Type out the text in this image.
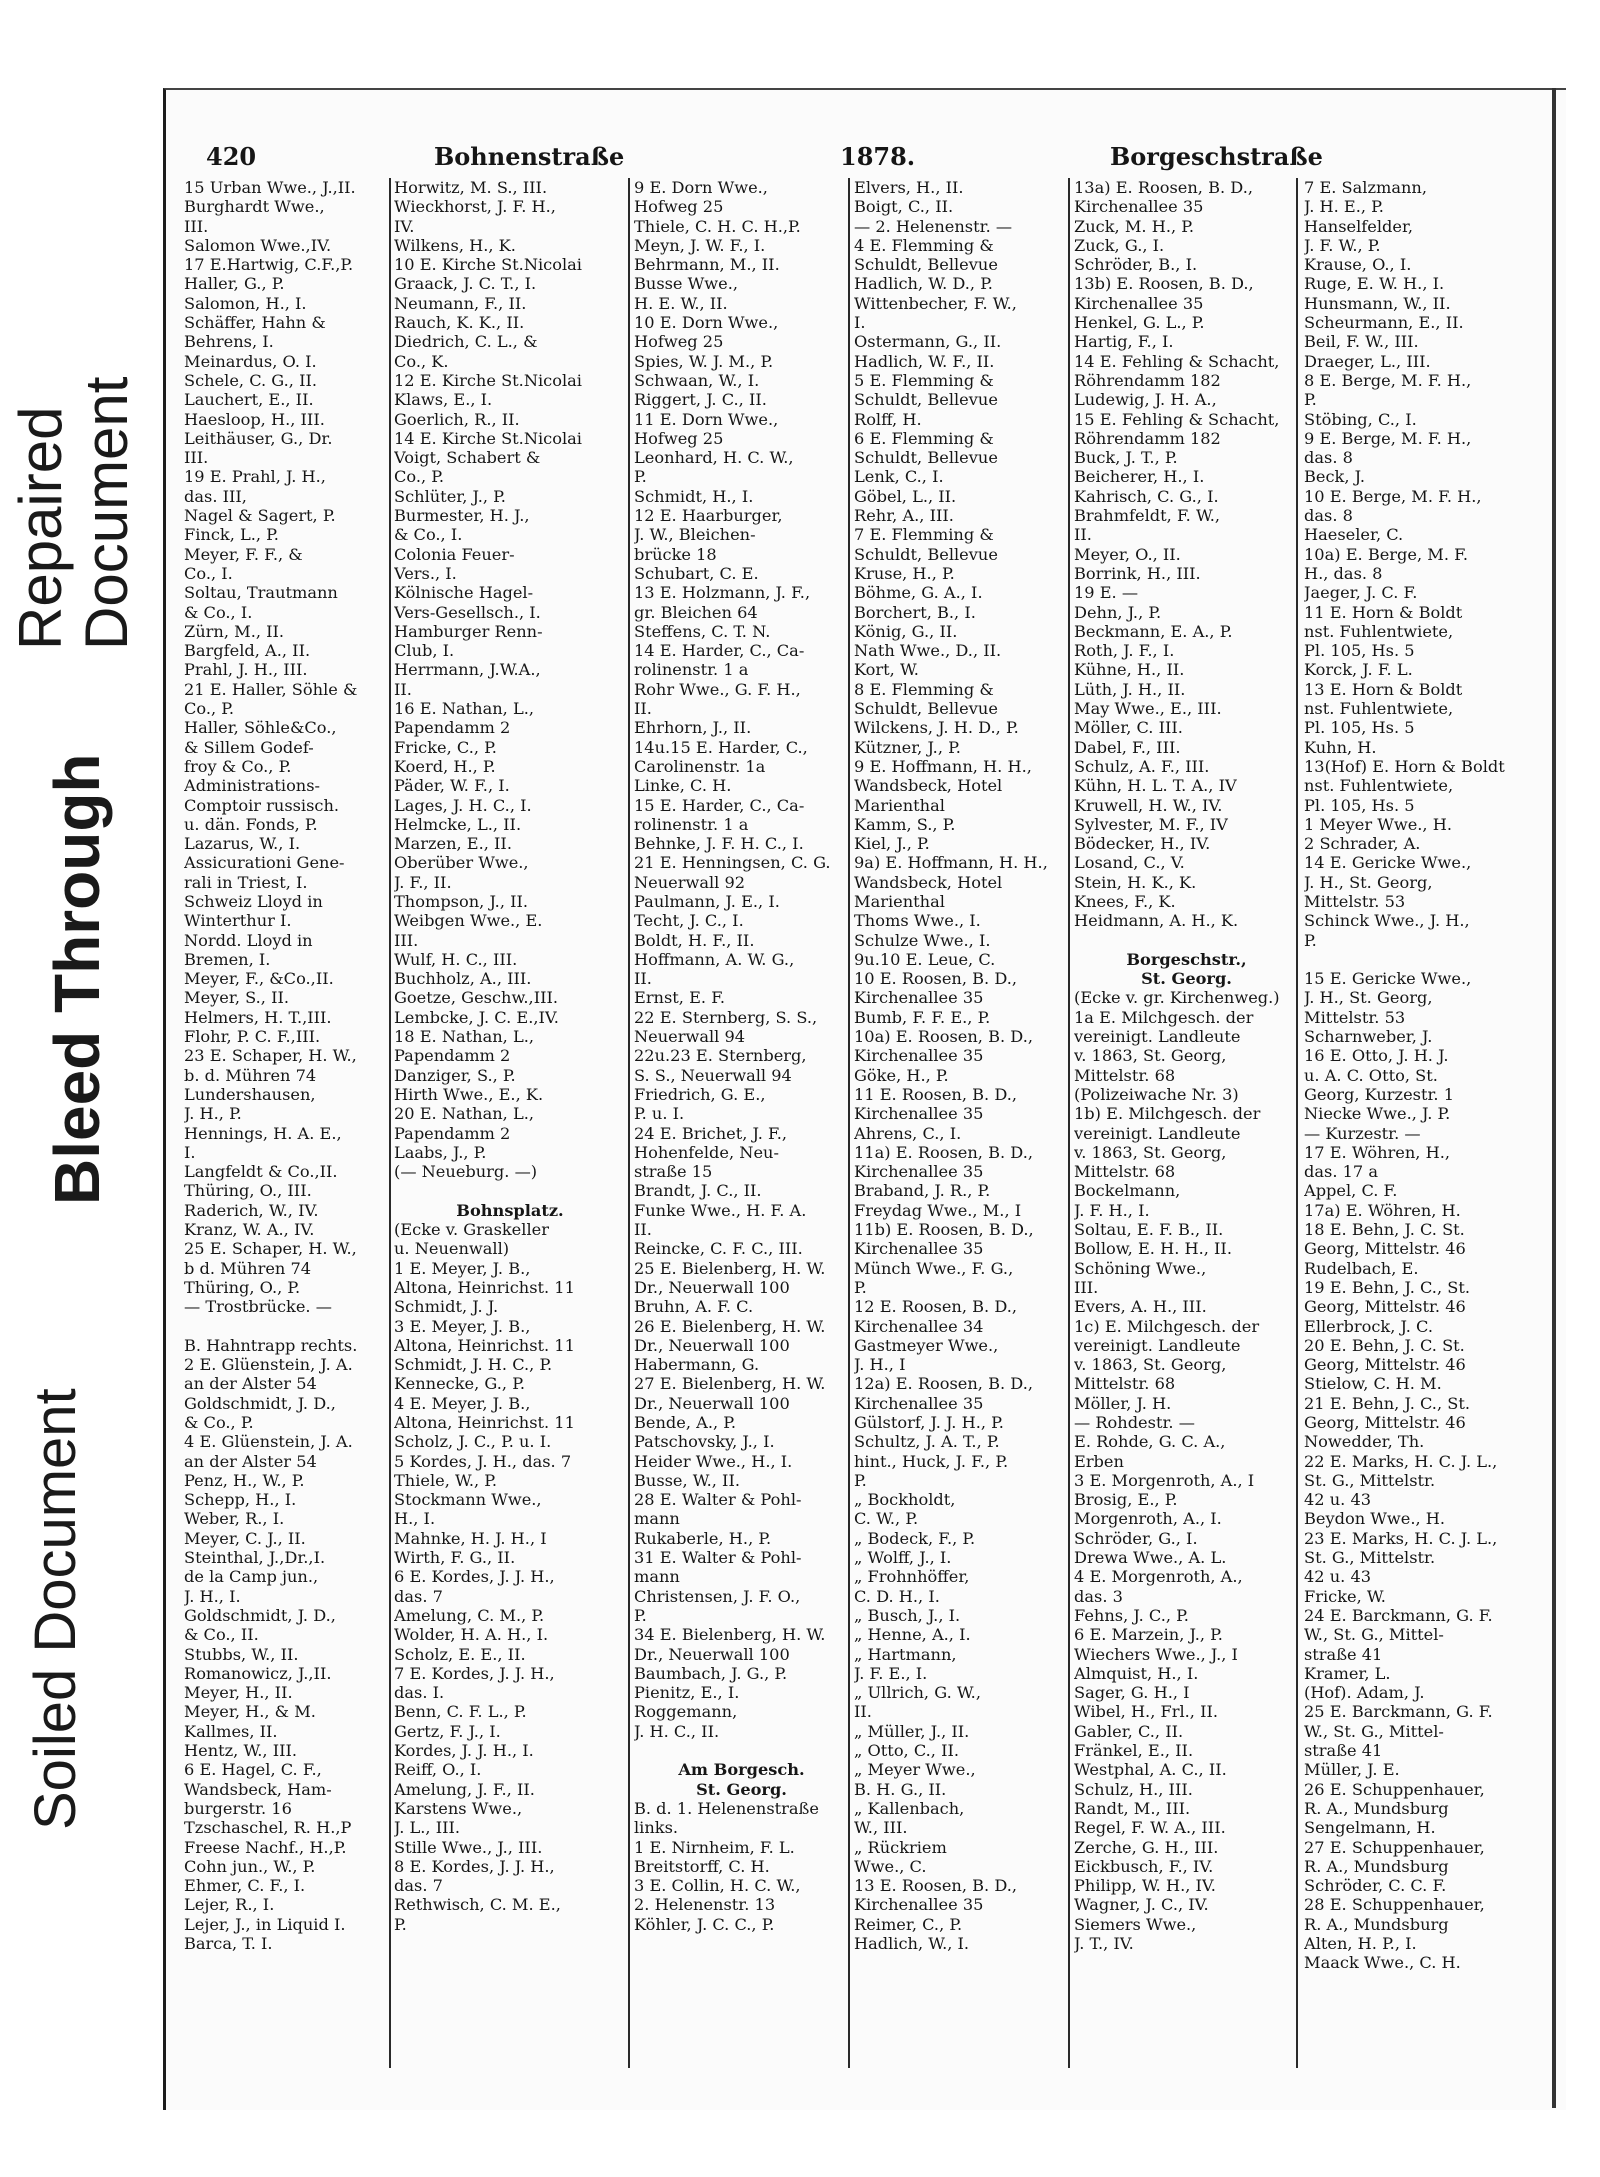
Repaired Document
Bleed Through
Soiled Document
420	Bohnenstraße	1878.	Borgeschstraße
15 Urban Wwe., J.,II.
Burghardt Wwe.,
III.
Salomon Wwe.,IV.
17 E.Hartwig, C.F.,P.
Haller, G., P.
Salomon, H., I.
Schäffer, Hahn &
Behrens, I.
Meinardus, O. I.
Schele, C. G., II.
Lauchert, E., II.
Haesloop, H., III.
Leithäuser, G., Dr.
III.
19 E. Prahl, J. H.,
das. III,
Nagel & Sagert, P.
Finck, L., P.
Meyer, F. F., &
Co., I.
Soltau, Trautmann
& Co., I.
Zürn, M., II.
Bargfeld, A., II.
Prahl, J. H., III.
21 E. Haller, Söhle &
Co., P.
Haller, Söhle&Co.,
& Sillem Godef-
froy & Co., P.
Administrations-
Comptoir russisch.
u. dän. Fonds, P.
Lazarus, W., I.
Assicurationi Gene-
rali in Triest, I.
Schweiz Lloyd in
Winterthur I.
Nordd. Lloyd in
Bremen, I.
Meyer, F., &Co.,II.
Meyer, S., II.
Helmers, H. T.,III.
Flohr, P. C. F.,III.
23 E. Schaper, H. W.,
b. d. Mühren 74
Lundershausen,
J. H., P.
Hennings, H. A. E.,
I.
Langfeldt & Co.,II.
Thüring, O., III.
Raderich, W., IV.
Kranz, W. A., IV.
25 E. Schaper, H. W.,
b d. Mühren 74
Thüring, O., P.
— Trostbrücke. —
B. Hahntrapp rechts.
2 E. Glüenstein, J. A.
an der Alster 54
Goldschmidt, J. D.,
& Co., P.
4 E. Glüenstein, J. A.
an der Alster 54
Penz, H., W., P.
Schepp, H., I.
Weber, R., I.
Meyer, C. J., II.
Steinthal, J.,Dr.,I.
de la Camp jun.,
J. H., I.
Goldschmidt, J. D.,
& Co., II.
Stubbs, W., II.
Romanowicz, J.,II.
Meyer, H., II.
Meyer, H., & M.
Kallmes, II.
Hentz, W., III.
6 E. Hagel, C. F.,
Wandsbeck, Ham-
burgerstr. 16
Tzschaschel, R. H.,P
Freese Nachf., H.,P.
Cohn jun., W., P.
Ehmer, C. F., I.
Lejer, R., I.
Lejer, J., in Liquid I.
Barca, T. I.
Horwitz, M. S., III.
Wieckhorst, J. F. H.,
IV.
Wilkens, H., K.
10 E. Kirche St.Nicolai
Graack, J. C. T., I.
Neumann, F., II.
Rauch, K. K., II.
Diedrich, C. L., &
Co., K.
12 E. Kirche St.Nicolai
Klaws, E., I.
Goerlich, R., II.
14 E. Kirche St.Nicolai
Voigt, Schabert &
Co., P.
Schlüter, J., P.
Burmester, H. J.,
& Co., I.
Colonia Feuer-
Vers., I.
Kölnische Hagel-
Vers-Gesellsch., I.
Hamburger Renn-
Club, I.
Herrmann, J.W.A.,
II.
16 E. Nathan, L.,
Papendamm 2
Fricke, C., P.
Koerd, H., P.
Päder, W. F., I.
Lages, J. H. C., I.
Helmcke, L., II.
Marzen, E., II.
Oberüber Wwe.,
J. F., II.
Thompson, J., II.
Weibgen Wwe., E.
III.
Wulf, H. C., III.
Buchholz, A., III.
Goetze, Geschw.,III.
Lembcke, J. C. E.,IV.
18 E. Nathan, L.,
Papendamm 2
Danziger, S., P.
Hirth Wwe., E., K.
20 E. Nathan, L.,
Papendamm 2
Laabs, J., P.
(— Neueburg. —)
Bohnsplatz.
(Ecke v. Graskeller
u. Neuenwall)
1 E. Meyer, J. B.,
Altona, Heinrichst. 11
Schmidt, J. J.
3 E. Meyer, J. B.,
Altona, Heinrichst. 11
Schmidt, J. H. C., P.
Kennecke, G., P.
4 E. Meyer, J. B.,
Altona, Heinrichst. 11
Scholz, J. C., P. u. I.
5 Kordes, J. H., das. 7
Thiele, W., P.
Stockmann Wwe.,
H., I.
Mahnke, H. J. H., I
Wirth, F. G., II.
6 E. Kordes, J. J. H.,
das. 7
Amelung, C. M., P.
Wolder, H. A. H., I.
Scholz, E. E., II.
7 E. Kordes, J. J. H.,
das. I.
Benn, C. F. L., P.
Gertz, F. J., I.
Kordes, J. J. H., I.
Reiff, O., I.
Amelung, J. F., II.
Karstens Wwe.,
J. L., III.
Stille Wwe., J., III.
8 E. Kordes, J. J. H.,
das. 7
Rethwisch, C. M. E.,
P.
9 E. Dorn Wwe.,
Hofweg 25
Thiele, C. H. C. H.,P.
Meyn, J. W. F., I.
Behrmann, M., II.
Busse Wwe.,
H. E. W., II.
10 E. Dorn Wwe.,
Hofweg 25
Spies, W. J. M., P.
Schwaan, W., I.
Riggert, J. C., II.
11 E. Dorn Wwe.,
Hofweg 25
Leonhard, H. C. W.,
P.
Schmidt, H., I.
12 E. Haarburger,
J. W., Bleichen-
brücke 18
Schubart, C. E.
13 E. Holzmann, J. F.,
gr. Bleichen 64
Steffens, C. T. N.
14 E. Harder, C., Ca-
rolinenstr. 1 a
Rohr Wwe., G. F. H.,
II.
Ehrhorn, J., II.
14u.15 E. Harder, C.,
Carolinenstr. 1a
Linke, C. H.
15 E. Harder, C., Ca-
rolinenstr. 1 a
Behnke, J. F. H. C., I.
21 E. Henningsen, C. G.
Neuerwall 92
Paulmann, J. E., I.
Techt, J. C., I.
Boldt, H. F., II.
Hoffmann, A. W. G.,
II.
Ernst, E. F.
22 E. Sternberg, S. S.,
Neuerwall 94
22u.23 E. Sternberg,
S. S., Neuerwall 94
Friedrich, G. E.,
P. u. I.
24 E. Brichet, J. F.,
Hohenfelde, Neu-
straße 15
Brandt, J. C., II.
Funke Wwe., H. F. A.
II.
Reincke, C. F. C., III.
25 E. Bielenberg, H. W.
Dr., Neuerwall 100
Bruhn, A. F. C.
26 E. Bielenberg, H. W.
Dr., Neuerwall 100
Habermann, G.
27 E. Bielenberg, H. W.
Dr., Neuerwall 100
Bende, A., P.
Patschovsky, J., I.
Heider Wwe., H., I.
Busse, W., II.
28 E. Walter & Pohl-
mann
Rukaberle, H., P.
31 E. Walter & Pohl-
mann
Christensen, J. F. O.,
P.
34 E. Bielenberg, H. W.
Dr., Neuerwall 100
Baumbach, J. G., P.
Pienitz, E., I.
Roggemann,
J. H. C., II.
Am Borgesch.
St. Georg.
B. d. 1. Helenenstraße
links.
1 E. Nirnheim, F. L.
Breitstorff, C. H.
3 E. Collin, H. C. W.,
2. Helenenstr. 13
Köhler, J. C. C., P.
Elvers, H., II.
Boigt, C., II.
— 2. Helenenstr. —
4 E. Flemming &
Schuldt, Bellevue
Hadlich, W. D., P.
Wittenbecher, F. W.,
I.
Ostermann, G., II.
Hadlich, W. F., II.
5 E. Flemming &
Schuldt, Bellevue
Rolff, H.
6 E. Flemming &
Schuldt, Bellevue
Lenk, C., I.
Göbel, L., II.
Rehr, A., III.
7 E. Flemming &
Schuldt, Bellevue
Kruse, H., P.
Böhme, G. A., I.
Borchert, B., I.
König, G., II.
Nath Wwe., D., II.
Kort, W.
8 E. Flemming &
Schuldt, Bellevue
Wilckens, J. H. D., P.
Kützner, J., P.
9 E. Hoffmann, H. H.,
Wandsbeck, Hotel
Marienthal
Kamm, S., P.
Kiel, J., P.
9a) E. Hoffmann, H. H.,
Wandsbeck, Hotel
Marienthal
Thoms Wwe., I.
Schulze Wwe., I.
9u.10 E. Leue, C.
10 E. Roosen, B. D.,
Kirchenallee 35
Bumb, F. F. E., P.
10a) E. Roosen, B. D.,
Kirchenallee 35
Göke, H., P.
11 E. Roosen, B. D.,
Kirchenallee 35
Ahrens, C., I.
11a) E. Roosen, B. D.,
Kirchenallee 35
Braband, J. R., P.
Freydag Wwe., M., I
11b) E. Roosen, B. D.,
Kirchenallee 35
Münch Wwe., F. G.,
P.
12 E. Roosen, B. D.,
Kirchenallee 34
Gastmeyer Wwe.,
J. H., I
12a) E. Roosen, B. D.,
Kirchenallee 35
Gülstorf, J. J. H., P.
Schultz, J. A. T., P.
hint., Huck, J. F., P.
P.
„ Bockholdt,
C. W., P.
„ Bodeck, F., P.
„ Wolff, J., I.
„ Frohnhöffer,
C. D. H., I.
„ Busch, J., I.
„ Henne, A., I.
„ Hartmann,
J. F. E., I.
„ Ullrich, G. W.,
II.
„ Müller, J., II.
„ Otto, C., II.
„ Meyer Wwe.,
B. H. G., II.
„ Kallenbach,
W., III.
„ Rückriem
Wwe., C.
13 E. Roosen, B. D.,
Kirchenallee 35
Reimer, C., P.
Hadlich, W., I.
13a) E. Roosen, B. D.,
Kirchenallee 35
Zuck, M. H., P.
Zuck, G., I.
Schröder, B., I.
13b) E. Roosen, B. D.,
Kirchenallee 35
Henkel, G. L., P.
Hartig, F., I.
14 E. Fehling & Schacht,
Röhrendamm 182
Ludewig, J. H. A.,
15 E. Fehling & Schacht,
Röhrendamm 182
Buck, J. T., P.
Beicherer, H., I.
Kahrisch, C. G., I.
Brahmfeldt, F. W.,
II.
Meyer, O., II.
Borrink, H., III.
19 E. —
Dehn, J., P.
Beckmann, E. A., P.
Roth, J. F., I.
Kühne, H., II.
Lüth, J. H., II.
May Wwe., E., III.
Möller, C. III.
Dabel, F., III.
Schulz, A. F., III.
Kühn, H. L. T. A., IV
Kruwell, H. W., IV.
Sylvester, M. F., IV
Bödecker, H., IV.
Losand, C., V.
Stein, H. K., K.
Knees, F., K.
Heidmann, A. H., K.
Borgeschstr.,
St. Georg.
(Ecke v. gr. Kirchenweg.)
1a E. Milchgesch. der
vereinigt. Landleute
v. 1863, St. Georg,
Mittelstr. 68
(Polizeiwache Nr. 3)
1b) E. Milchgesch. der
vereinigt. Landleute
v. 1863, St. Georg,
Mittelstr. 68
Bockelmann,
J. F. H., I.
Soltau, E. F. B., II.
Bollow, E. H. H., II.
Schöning Wwe.,
III.
Evers, A. H., III.
1c) E. Milchgesch. der
vereinigt. Landleute
v. 1863, St. Georg,
Mittelstr. 68
Möller, J. H.
— Rohdestr. —
E. Rohde, G. C. A.,
Erben
3 E. Morgenroth, A., I
Brosig, E., P.
Morgenroth, A., I.
Schröder, G., I.
Drewa Wwe., A. L.
4 E. Morgenroth, A.,
das. 3
Fehns, J. C., P.
6 E. Marzein, J., P.
Wiechers Wwe., J., I
Almquist, H., I.
Sager, G. H., I
Wibel, H., Frl., II.
Gabler, C., II.
Fränkel, E., II.
Westphal, A. C., II.
Schulz, H., III.
Randt, M., III.
Regel, F. W. A., III.
Zerche, G. H., III.
Eickbusch, F., IV.
Philipp, W. H., IV.
Wagner, J. C., IV.
Siemers Wwe.,
J. T., IV.
7 E. Salzmann,
J. H. E., P.
Hanselfelder,
J. F. W., P.
Krause, O., I.
Ruge, E. W. H., I.
Hunsmann, W., II.
Scheurmann, E., II.
Beil, F. W., III.
Draeger, L., III.
8 E. Berge, M. F. H.,
P.
Stöbing, C., I.
9 E. Berge, M. F. H.,
das. 8
Beck, J.
10 E. Berge, M. F. H.,
das. 8
Haeseler, C.
10a) E. Berge, M. F.
H., das. 8
Jaeger, J. C. F.
11 E. Horn & Boldt
nst. Fuhlentwiete,
Pl. 105, Hs. 5
Korck, J. F. L.
13 E. Horn & Boldt
nst. Fuhlentwiete,
Pl. 105, Hs. 5
Kuhn, H.
13(Hof) E. Horn & Boldt
nst. Fuhlentwiete,
Pl. 105, Hs. 5
1 Meyer Wwe., H.
2 Schrader, A.
14 E. Gericke Wwe.,
J. H., St. Georg,
Mittelstr. 53
Schinck Wwe., J. H.,
P.
15 E. Gericke Wwe.,
J. H., St. Georg,
Mittelstr. 53
Scharnweber, J.
16 E. Otto, J. H. J.
u. A. C. Otto, St.
Georg, Kurzestr. 1
Niecke Wwe., J. P.
— Kurzestr. —
17 E. Wöhren, H.,
das. 17 a
Appel, C. F.
17a) E. Wöhren, H.
18 E. Behn, J. C. St.
Georg, Mittelstr. 46
Rudelbach, E.
19 E. Behn, J. C., St.
Georg, Mittelstr. 46
Ellerbrock, J. C.
20 E. Behn, J. C. St.
Georg, Mittelstr. 46
Stielow, C. H. M.
21 E. Behn, J. C., St.
Georg, Mittelstr. 46
Nowedder, Th.
22 E. Marks, H. C. J. L.,
St. G., Mittelstr.
42 u. 43
Beydon Wwe., H.
23 E. Marks, H. C. J. L.,
St. G., Mittelstr.
42 u. 43
Fricke, W.
24 E. Barckmann, G. F.
W., St. G., Mittel-
straße 41
Kramer, L.
(Hof). Adam, J.
25 E. Barckmann, G. F.
W., St. G., Mittel-
straße 41
Müller, J. E.
26 E. Schuppenhauer,
R. A., Mundsburg
Sengelmann, H.
27 E. Schuppenhauer,
R. A., Mundsburg
Schröder, C. C. F.
28 E. Schuppenhauer,
R. A., Mundsburg
Alten, H. P., I.
Maack Wwe., C. H.
